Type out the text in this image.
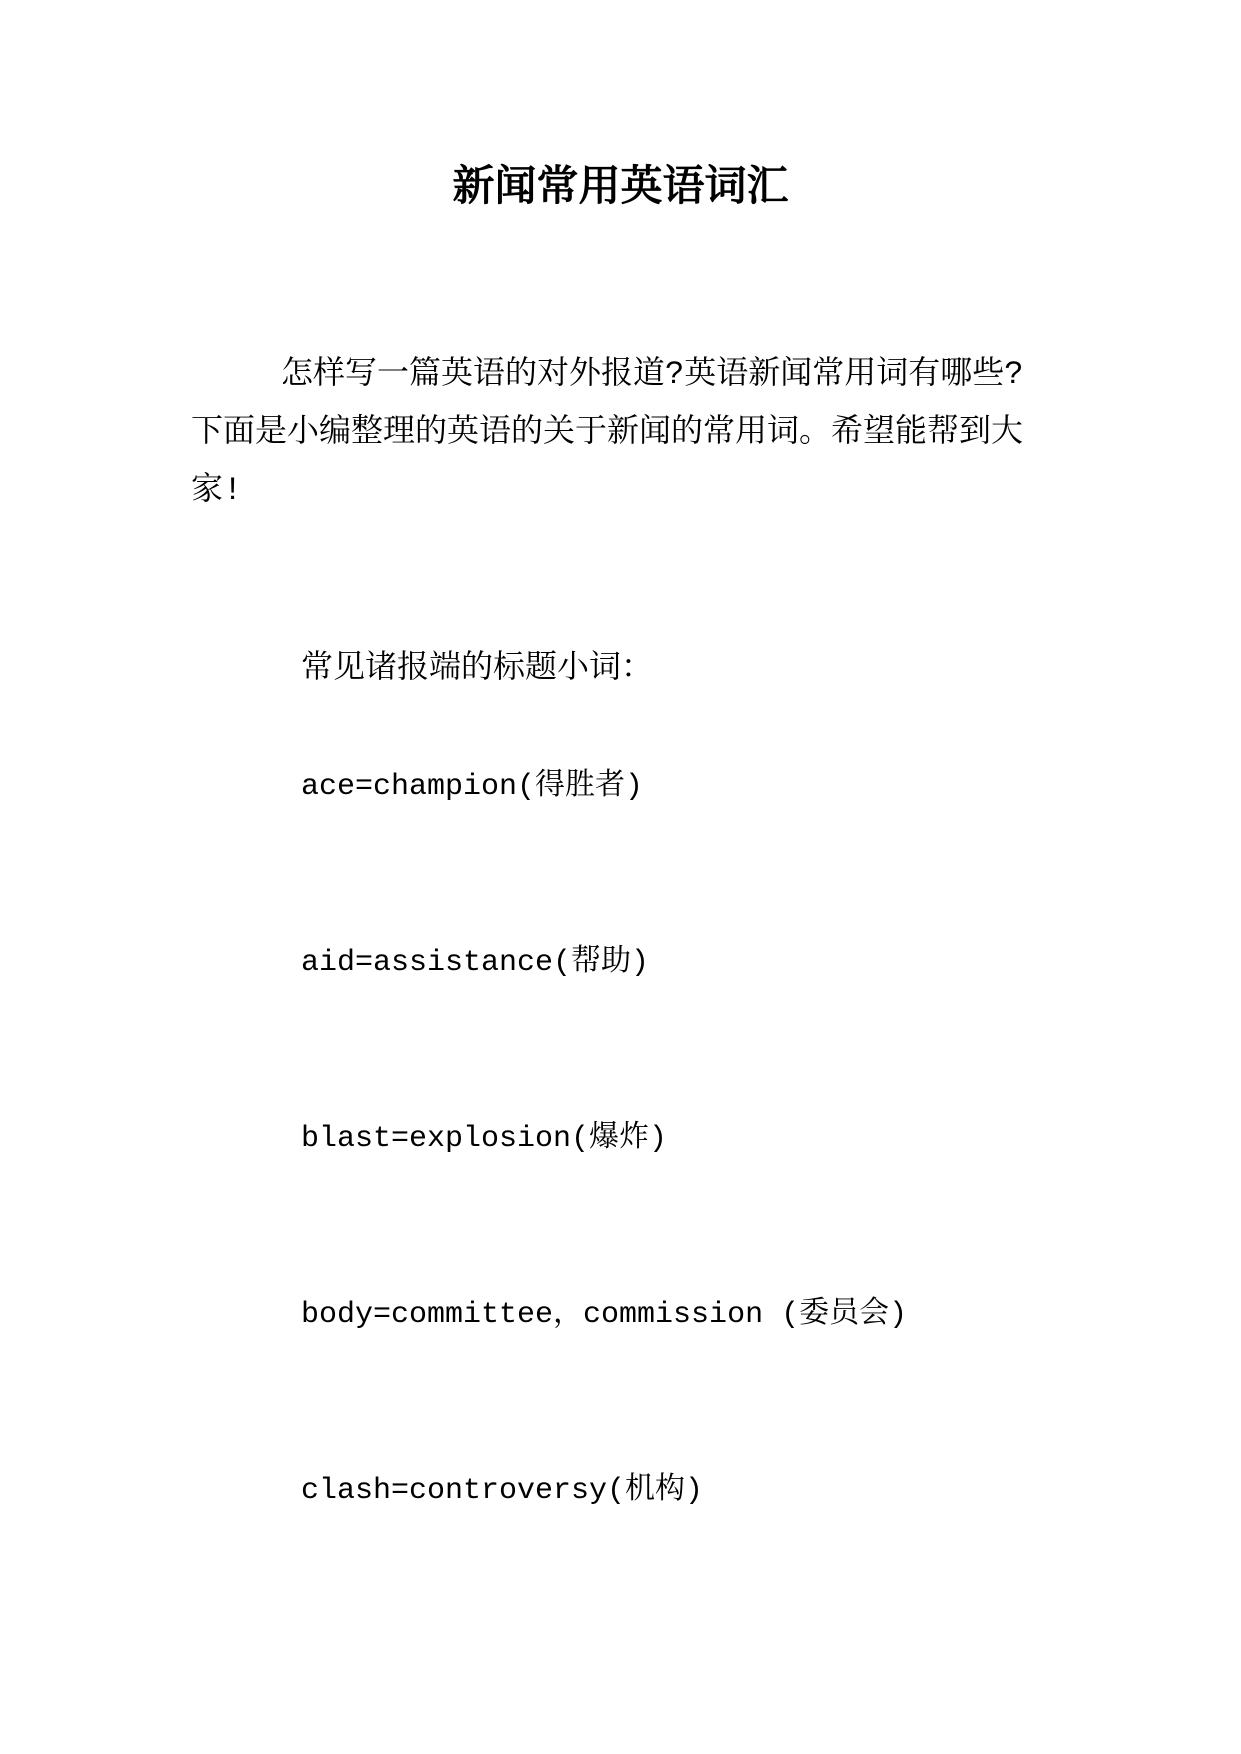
新闻常用英语词汇

怎样写一篇英语的对外报道?英语新闻常用词有哪些?下面是小编整理的英语的关于新闻的常用词。希望能帮到大家!

常见诸报端的标题小词：
ace=champion(得胜者)
aid=assistance(帮助)
blast=explosion(爆炸)
body=committee，commission (委员会)
clash=controversy(机构)
